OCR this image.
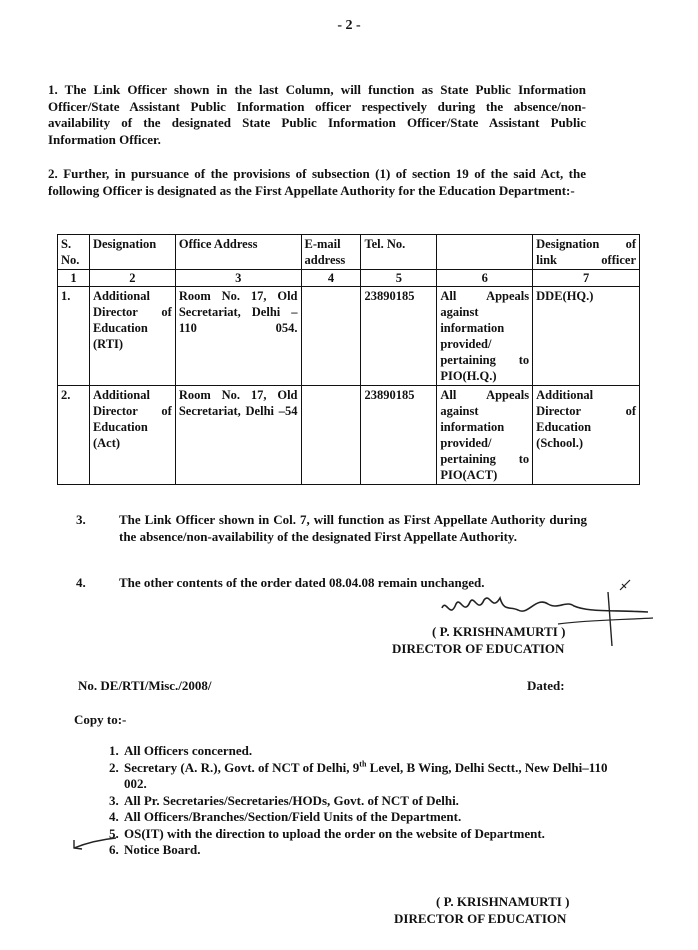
- 2 -
1. The Link Officer shown in the last Column, will function as State Public Information Officer/State Assistant Public Information officer respectively during the absence/non-availability of the designated State Public Information Officer/State Assistant Public Information Officer.
2. Further, in pursuance of the provisions of subsection (1) of section 19 of the said Act, the following Officer is designated as the First Appellate Authority for the Education Department:-
S. No.	Designation	Office Address	E-mail address	Tel. No.		Designation of link officer
1	2	3	4	5	6	7
1.	Additional Director of Education (RTI)	Room No. 17, Old Secretariat, Delhi – 110 054.		23890185	All Appeals against information provided/ pertaining to PIO(H.Q.)	DDE(HQ.)
2.	Additional Director of Education (Act)	Room No. 17, Old Secretariat, Delhi –54		23890185	All Appeals against information provided/ pertaining to PIO(ACT)	Additional Director of Education (School.)
3.	The Link Officer shown in Col. 7, will function as First Appellate Authority during the absence/non-availability of the designated First Appellate Authority.
4.	The other contents of the order dated 08.04.08 remain unchanged.
( P. KRISHNAMURTI )
DIRECTOR OF EDUCATION
No. DE/RTI/Misc./2008/	Dated:
Copy to:-
1. All Officers concerned.
2. Secretary (A. R.), Govt. of NCT of Delhi, 9th Level, B Wing, Delhi Sectt., New Delhi–110 002.
3. All Pr. Secretaries/Secretaries/HODs, Govt. of NCT of Delhi.
4. All Officers/Branches/Section/Field Units of the Department.
5. OS(IT) with the direction to upload the order on the website of Department.
6. Notice Board.
( P. KRISHNAMURTI )
DIRECTOR OF EDUCATION
